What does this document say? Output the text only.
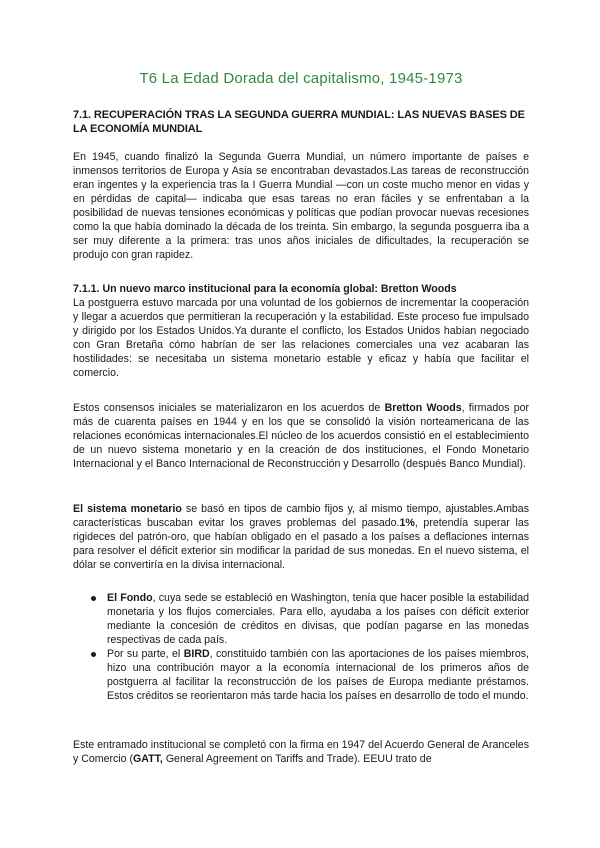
T6 La Edad Dorada del capitalismo, 1945-1973
7.1. RECUPERACIÓN TRAS LA SEGUNDA GUERRA MUNDIAL: LAS NUEVAS BASES DE LA ECONOMÍA MUNDIAL
En 1945, cuando finalizó la Segunda Guerra Mundial, un número importante de países e inmensos territorios de Europa y Asia se encontraban devastados.Las tareas de reconstrucción eran ingentes y la experiencia tras la I Guerra Mundial —con un coste mucho menor en vidas y en pérdidas de capital— indicaba que esas tareas no eran fáciles y se enfrentaban a la posibilidad de nuevas tensiones económicas y políticas que podían provocar nuevas recesiones como la que había dominado la década de los treinta. Sin embargo, la segunda posguerra iba a ser muy diferente a la primera: tras unos años iniciales de dificultades, la recuperación se produjo con gran rapidez.
7.1.1. Un nuevo marco institucional para la economía global: Bretton Woods
La postguerra estuvo marcada por una voluntad de los gobiernos de incrementar la cooperación y llegar a acuerdos que permitieran la recuperación y la estabilidad. Este proceso fue impulsado y dirigido por los Estados Unidos.Ya durante el conflicto, los Estados Unidos habían negociado con Gran Bretaña cómo habrían de ser las relaciones comerciales una vez acabaran las hostilidades: se necesitaba un sistema monetario estable y eficaz y había que facilitar el comercio.
Estos consensos iniciales se materializaron en los acuerdos de Bretton Woods, firmados por más de cuarenta países en 1944 y en los que se consolidó la visión norteamericana de las relaciones económicas internacionales.El núcleo de los acuerdos consistió en el establecimiento de un nuevo sistema monetario y en la creación de dos instituciones, el Fondo Monetario Internacional y el Banco Internacional de Reconstrucción y Desarrollo (después Banco Mundial).
El sistema monetario se basó en tipos de cambio fijos y, al mismo tiempo, ajustables.Ambas características buscaban evitar los graves problemas del pasado.1%, pretendía superar las rigideces del patrón-oro, que habían obligado en el pasado a los países a deflaciones internas para resolver el déficit exterior sin modificar la paridad de sus monedas. En el nuevo sistema, el dólar se convertiría en la divisa internacional.
El Fondo, cuya sede se estableció en Washington, tenía que hacer posible la estabilidad monetaria y los flujos comerciales. Para ello, ayudaba a los países con déficit exterior mediante la concesión de créditos en divisas, que podían pagarse en las monedas respectivas de cada país.
Por su parte, el BIRD, constituido también con las aportaciones de los países miembros, hizo una contribución mayor a la economía internacional de los primeros años de postguerra al facilitar la reconstrucción de los países de Europa mediante préstamos. Estos créditos se reorientaron más tarde hacia los países en desarrollo de todo el mundo.
Este entramado institucional se completó con la firma en 1947 del Acuerdo General de Aranceles y Comercio (GATT, General Agreement on Tariffs and Trade). EEUU trato de
